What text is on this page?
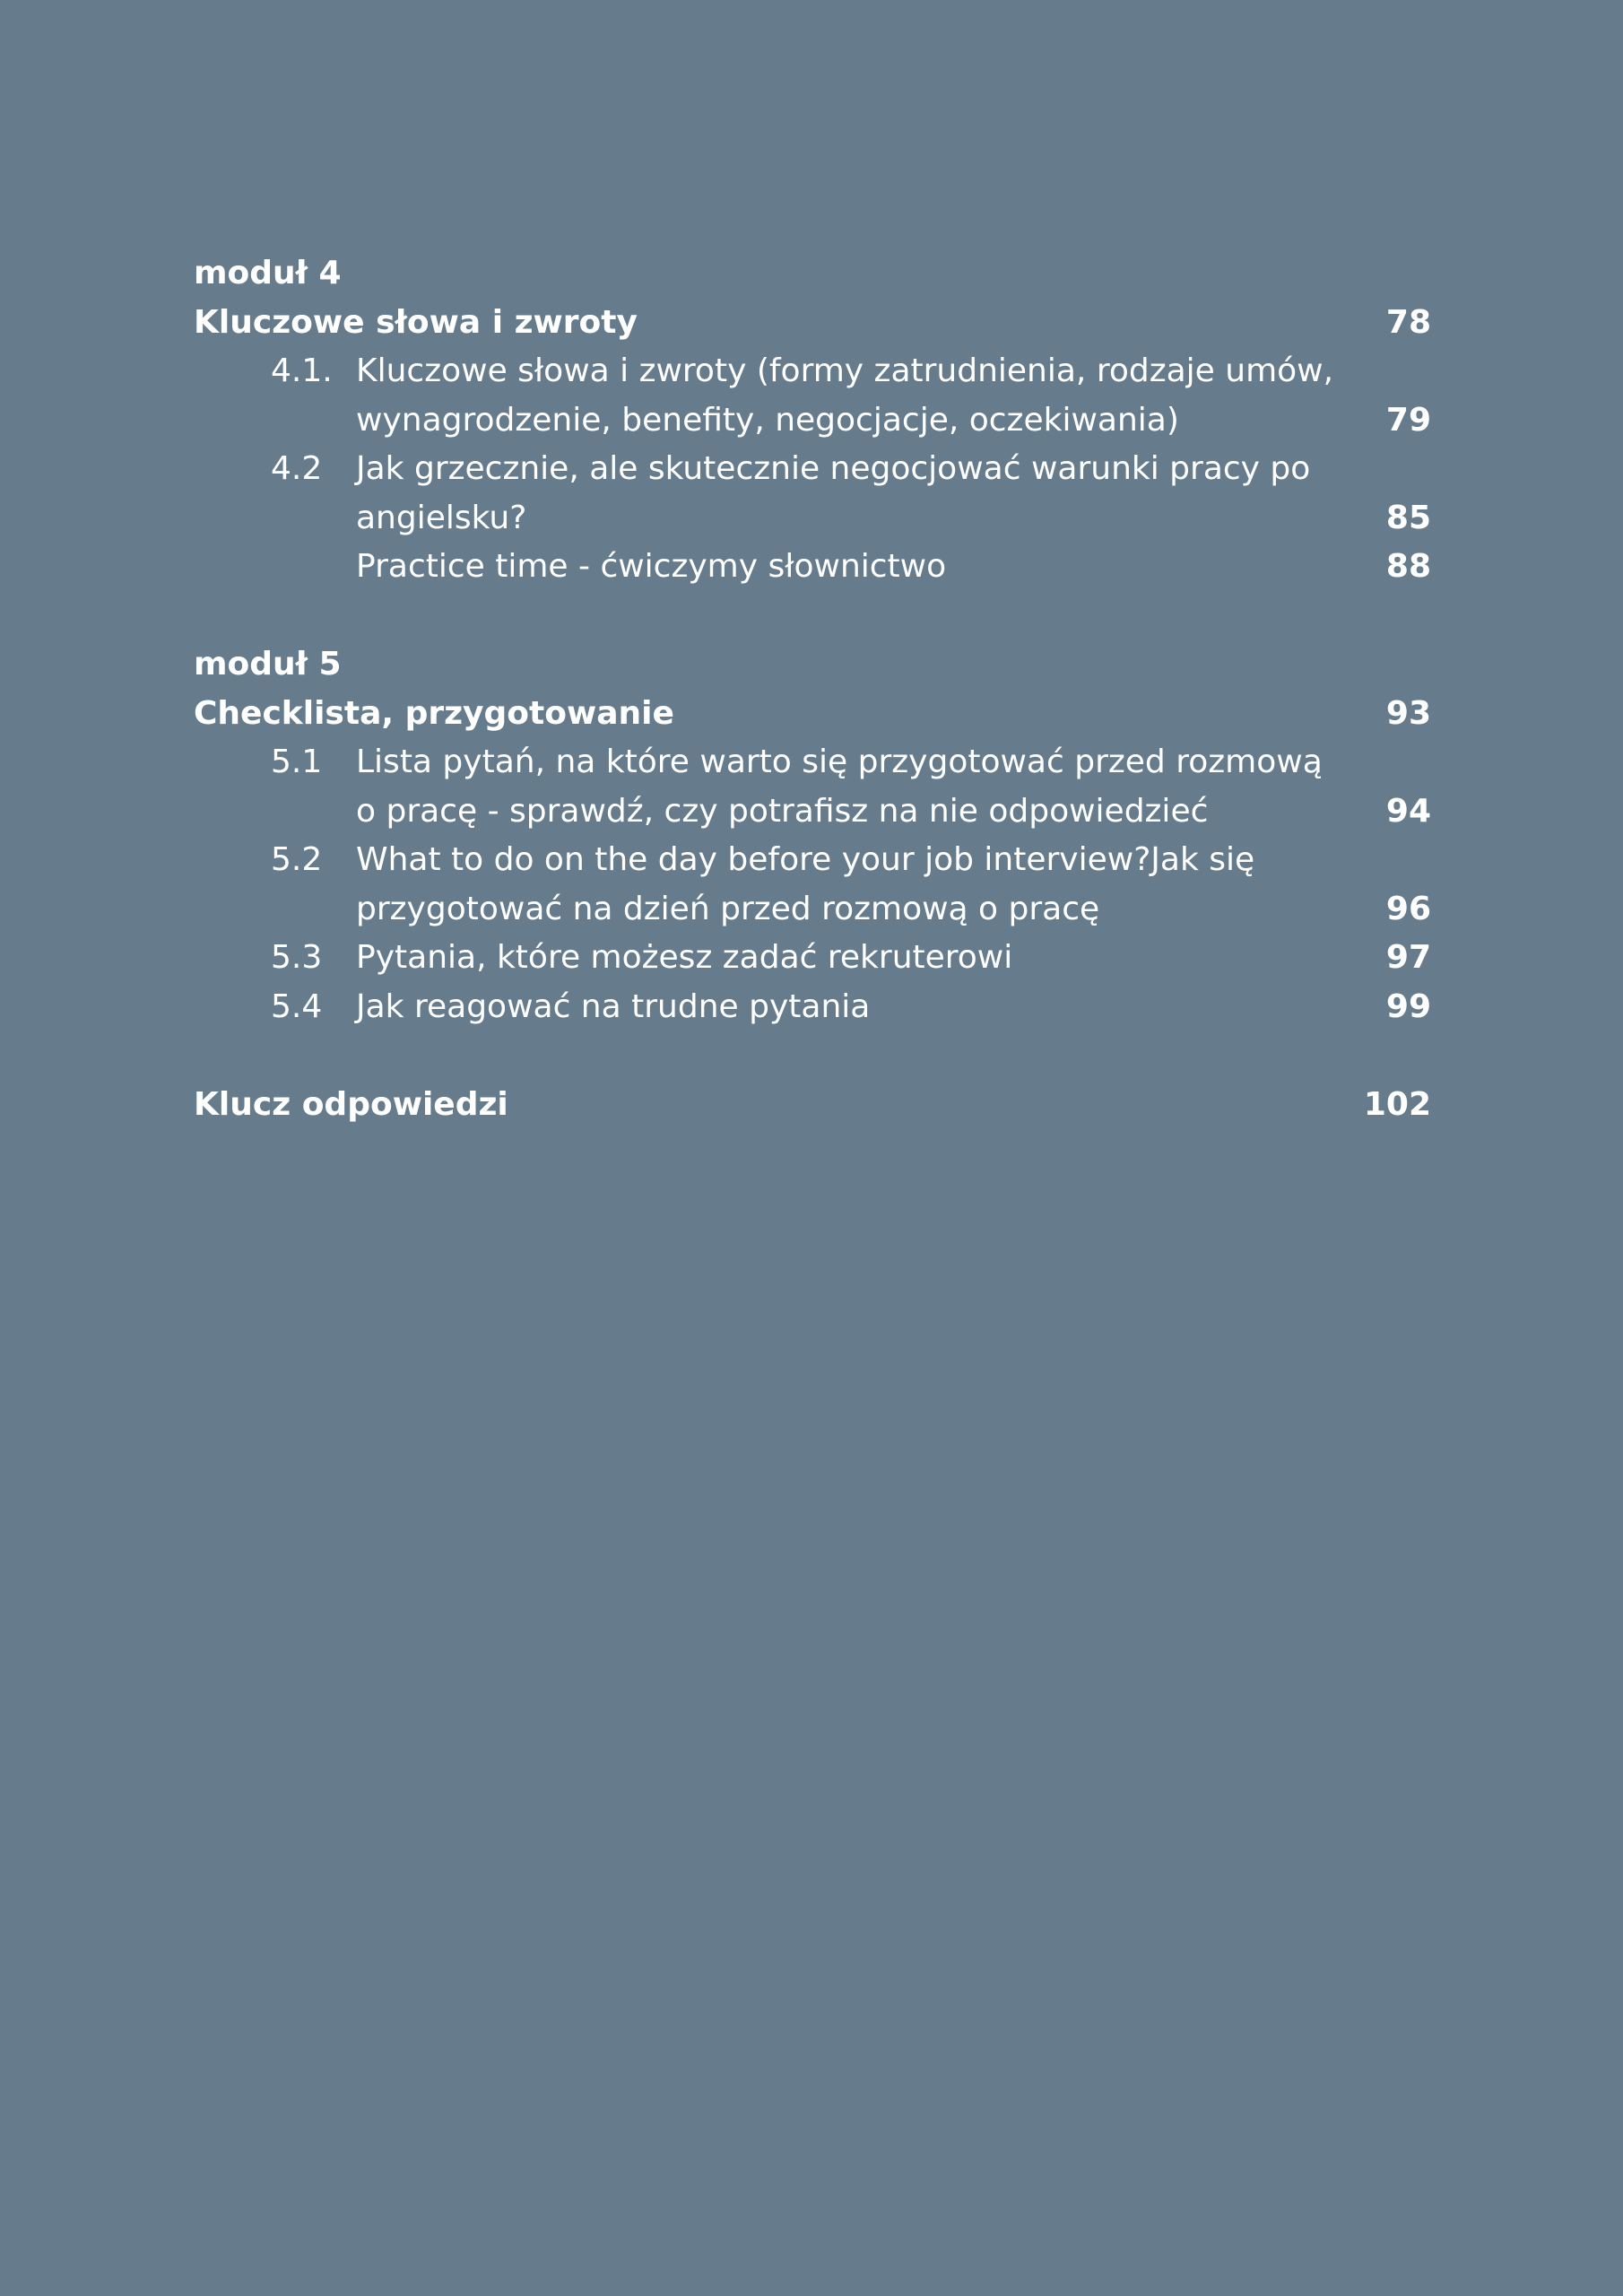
moduł 4
Kluczowe słowa i zwroty	78
4.1. Kluczowe słowa i zwroty (formy zatrudnienia, rodzaje umów,
wynagrodzenie, benefity, negocjacje, oczekiwania)	79
4.2 Jak grzecznie, ale skutecznie negocjować warunki pracy po
angielsku?	85
Practice time - ćwiczymy słownictwo	88
moduł 5
Checklista, przygotowanie	93
5.1 Lista pytań, na które warto się przygotować przed rozmową
o pracę - sprawdź, czy potrafisz na nie odpowiedzieć	94
5.2 What to do on the day before your job interview?Jak się
przygotować na dzień przed rozmową o pracę	96
5.3 Pytania, które możesz zadać rekruterowi	97
5.4 Jak reagować na trudne pytania	99
Klucz odpowiedzi	102
